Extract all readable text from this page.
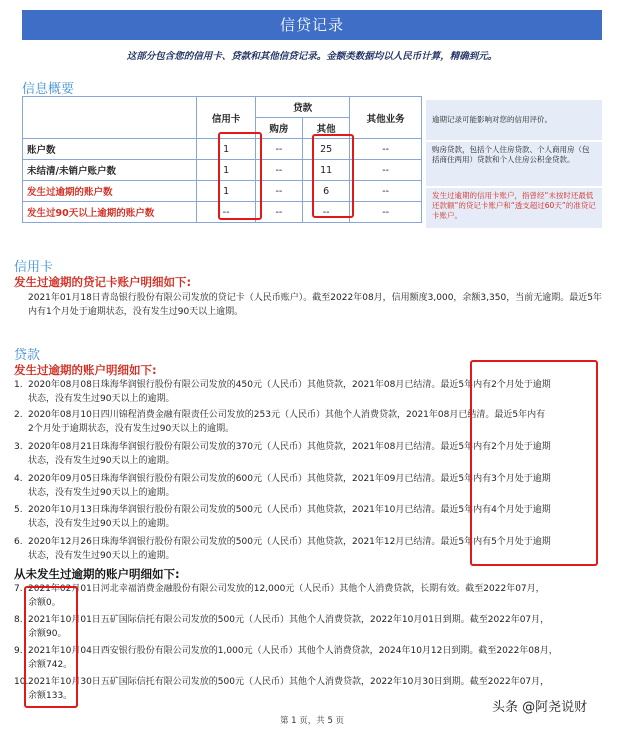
信贷记录
这部分包含您的信用卡、贷款和其他信贷记录。金额类数据均以人民币计算，精确到元。
信息概要
	信用卡	贷款		其他业务
		购房	其他	
账户数	1	--	25	--
未结清/未销户账户数	1	--	11	--
发生过逾期的账户数	1	--	6	--
发生过90天以上逾期的账户数	--	--	--	--
逾期记录可能影响对您的信用评价。
购房贷款，包括个人住房贷款、个人商用房（包括商住两用）贷款和个人住房公积金贷款。
发生过逾期的信用卡账户，指曾经“未按时还最低还款额”的贷记卡账户和“透支超过60天”的准贷记卡账户。
信用卡
发生过逾期的贷记卡账户明细如下:
2021年01月18日青岛银行股份有限公司发放的贷记卡（人民币账户）。截至2022年08月，信用额度3,000，余额3,350，当前无逾期。最近5年内有1个月处于逾期状态，没有发生过90天以上逾期。
贷款
发生过逾期的账户明细如下:
1. 2020年08月08日珠海华润银行股份有限公司发放的450元（人民币）其他贷款，2021年08月已结清。最近5年内有2个月处于逾期
状态，没有发生过90天以上的逾期。
2. 2020年08月10日四川锦程消费金融有限责任公司发放的253元（人民币）其他个人消费贷款，2021年08月已结清。最近5年内有
2个月处于逾期状态，没有发生过90天以上的逾期。
3. 2020年08月21日珠海华润银行股份有限公司发放的370元（人民币）其他贷款，2021年08月已结清。最近5年内有2个月处于逾期
状态，没有发生过90天以上的逾期。
4. 2020年09月05日珠海华润银行股份有限公司发放的600元（人民币）其他贷款，2021年09月已结清。最近5年内有3个月处于逾期
状态，没有发生过90天以上的逾期。
5. 2020年10月13日珠海华润银行股份有限公司发放的500元（人民币）其他贷款，2021年10月已结清。最近5年内有4个月处于逾期
状态，没有发生过90天以上的逾期。
6. 2020年12月26日珠海华润银行股份有限公司发放的500元（人民币）其他贷款，2021年12月已结清。最近5年内有5个月处于逾期
状态，没有发生过90天以上的逾期。
从未发生过逾期的账户明细如下:
7. 2021年02月01日河北幸福消费金融股份有限公司发放的12,000元（人民币）其他个人消费贷款，长期有效。截至2022年07月，
余额0。
8. 2021年10月01日五矿国际信托有限公司发放的500元（人民币）其他个人消费贷款，2022年10月01日到期。截至2022年07月，
余额90。
9. 2021年10月04日西安银行股份有限公司发放的1,000元（人民币）其他个人消费贷款，2024年10月12日到期。截至2022年08月，
余额742。
10.2021年10月30日五矿国际信托有限公司发放的500元（人民币）其他个人消费贷款，2022年10月30日到期。截至2022年07月，
余额133。
头条 @阿尧说财
第 1 页，共 5 页
